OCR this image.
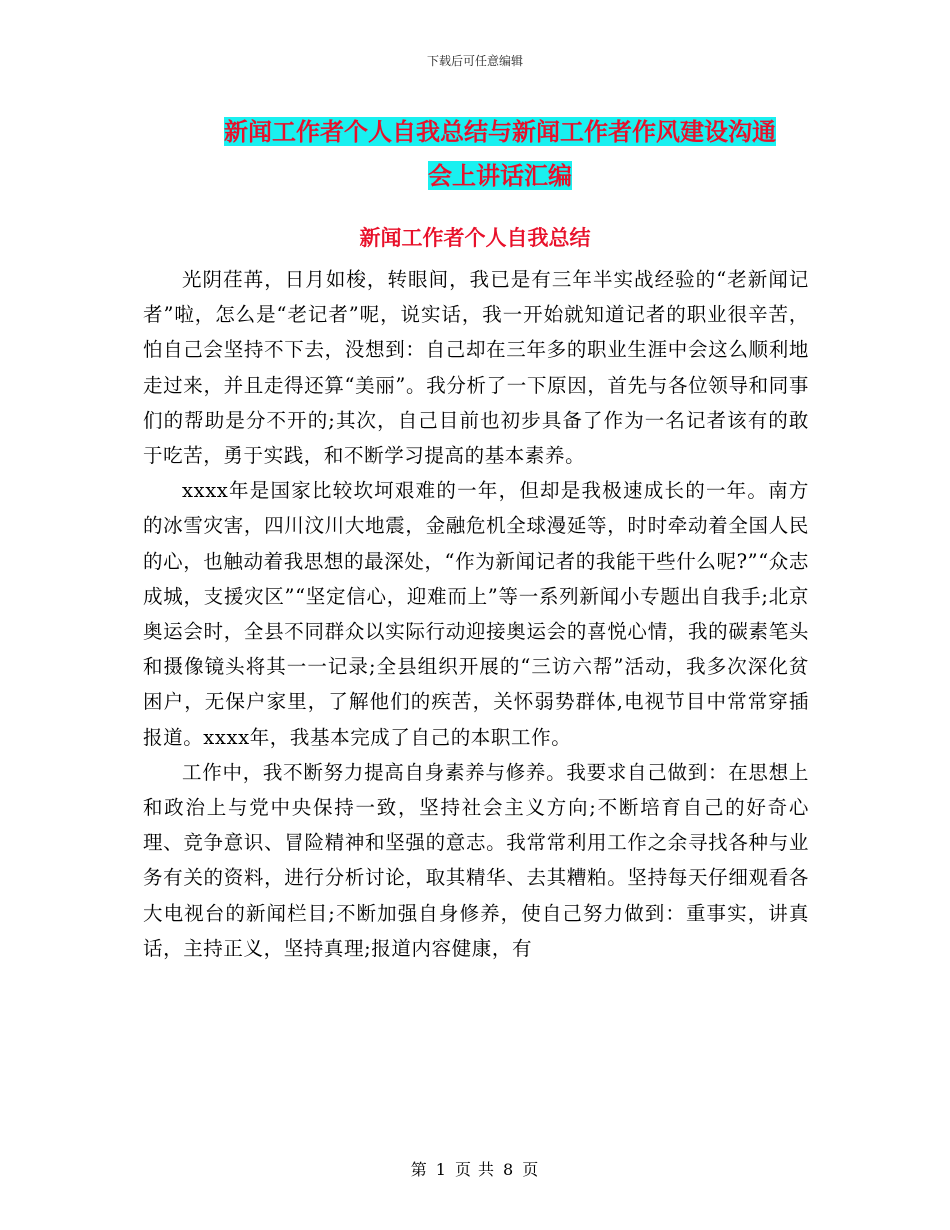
下载后可任意编辑
新闻工作者个人自我总结与新闻工作者作风建设沟通
会上讲话汇编
新闻工作者个人自我总结

光阴荏苒，日月如梭，转眼间，我已是有三年半实战经验的“老新闻记者”啦，怎么是“老记者”呢，说实话，我一开始就知道记者的职业很辛苦，怕自己会坚持不下去，没想到：自己却在三年多的职业生涯中会这么顺利地走过来，并且走得还算“美丽”。我分析了一下原因，首先与各位领导和同事们的帮助是分不开的;其次，自己目前也初步具备了作为一名记者该有的敢于吃苦，勇于实践，和不断学习提高的基本素养。

xxxx年是国家比较坎坷艰难的一年，但却是我极速成长的一年。南方的冰雪灾害，四川汶川大地震，金融危机全球漫延等，时时牵动着全国人民的心，也触动着我思想的最深处，“作为新闻记者的我能干些什么呢?”“众志成城，支援灾区”“坚定信心，迎难而上”等一系列新闻小专题出自我手;北京奥运会时，全县不同群众以实际行动迎接奥运会的喜悦心情，我的碳素笔头和摄像镜头将其一一记录;全县组织开展的“三访六帮”活动，我多次深化贫困户，无保户家里，了解他们的疾苦，关怀弱势群体,电视节目中常常穿插报道。xxxx年，我基本完成了自己的本职工作。

工作中，我不断努力提高自身素养与修养。我要求自己做到：在思想上和政治上与党中央保持一致，坚持社会主义方向;不断培育自己的好奇心理、竞争意识、冒险精神和坚强的意志。我常常利用工作之余寻找各种与业务有关的资料，进行分析讨论，取其精华、去其糟粕。坚持每天仔细观看各大电视台的新闻栏目;不断加强自身修养，使自己努力做到：重事实，讲真话，主持正义，坚持真理;报道内容健康，有

第 1 页 共 8 页
